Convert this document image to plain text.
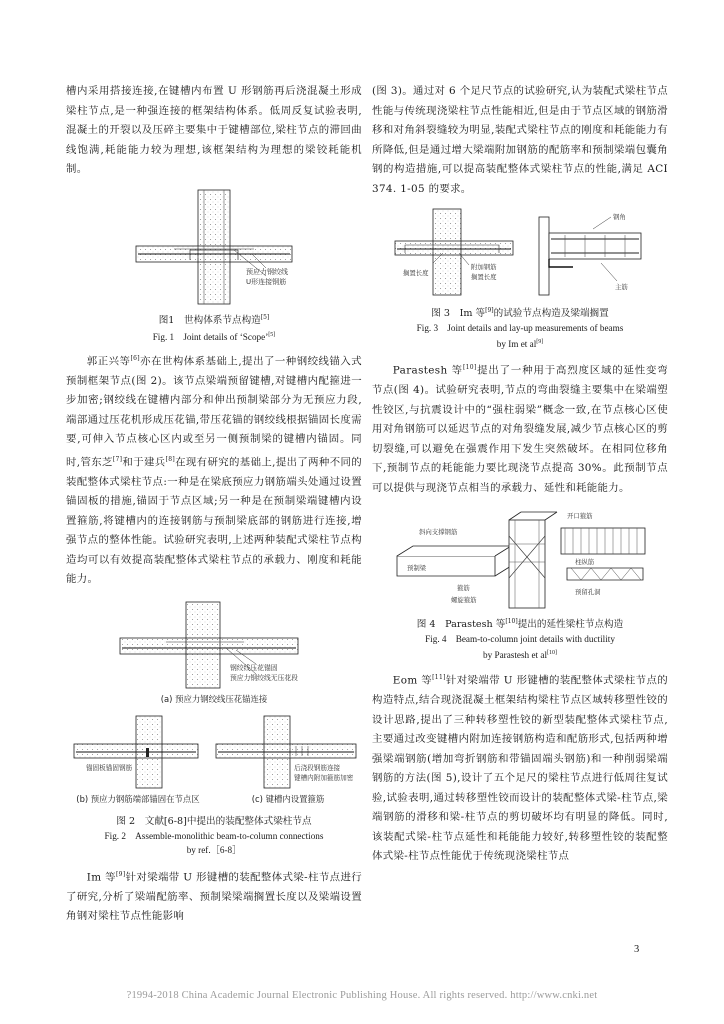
槽内采用搭接连接,在键槽内布置 U 形钢筋再后浇混凝土形成梁柱节点,是一种强连接的框架结构体系。低周反复试验表明,混凝土的开裂以及压碎主要集中于键槽部位,梁柱节点的滞回曲线饱满,耗能能力较为理想,该框架结构为理想的梁铰耗能机制。

预应力钢绞线
U形连接钢筋

图1　世构体系节点构造[5]

Fig. 1　Joint details of ‘Scope’[5]

郭正兴等[6]亦在世构体系基础上,提出了一种钢绞线锚入式预制框架节点(图 2)。该节点梁端预留键槽,对键槽内配箍进一步加密;钢绞线在键槽内部分和伸出预制梁部分为无预应力段,端部通过压花机形成压花锚,带压花锚的钢绞线根据锚固长度需要,可伸入节点核心区内或至另一侧预制梁的键槽内锚固。同时,管东芝[7]和于建兵[8]在现有研究的基础上,提出了两种不同的装配整体式梁柱节点:一种是在梁底预应力钢筋端头处通过设置锚固板的措施,锚固于节点区域;另一种是在预制梁端键槽内设置箍筋,将键槽内的连接钢筋与预制梁底部的钢筋进行连接,增强节点的整体性能。试验研究表明,上述两种装配式梁柱节点构造均可以有效提高装配整体式梁柱节点的承载力、刚度和耗能能力。

钢绞线压花锚固
预应力钢绞线无压花段
(a) 预应力钢绞线压花锚连接
锚固板锚固钢筋
(b) 预应力钢筋端部锚固在节点区
后浇段钢筋连接
键槽内附加箍筋加密
(c) 键槽内设置箍筋

图 2　文献[6-8]中提出的装配整体式梁柱节点

Fig. 2　Assemble-monolithic beam-to-column connections

by ref.［6-8］

Im 等[9]针对梁端带 U 形键槽的装配整体式梁-柱节点进行了研究,分析了梁端配筋率、预制梁梁端搁置长度以及梁端设置角钢对梁柱节点性能影响

(图 3)。通过对 6 个足尺节点的试验研究,认为装配式梁柱节点性能与传统现浇梁柱节点性能相近,但是由于节点区域的钢筋滑移和对角斜裂缝较为明显,装配式梁柱节点的刚度和耗能能力有所降低,但是通过增大梁端附加钢筋的配筋率和预制梁端包囊角钢的构造措施,可以提高装配整体式梁柱节点的性能,满足 ACI 374. 1-05 的要求。

搁置长度
附加钢筋
搁置长度
钢角
主筋

图 3　Im 等[9]的试验节点构造及梁端搁置

Fig. 3　Joint details and lay-up measurements of beams

by Im et al[9]

Parastesh 等[10]提出了一种用于高烈度区域的延性变弯节点(图 4)。试验研究表明,节点的弯曲裂缝主要集中在梁端塑性铰区,与抗震设计中的“强柱弱梁”概念一致,在节点核心区使用对角钢筋可以延迟节点的对角裂缝发展,减少节点核心区的剪切裂缝,可以避免在强震作用下发生突然破坏。在相同位移角下,预制节点的耗能能力要比现浇节点提高 30%。此预制节点可以提供与现浇节点相当的承载力、延性和耗能能力。

开口箍筋
斜向支撑钢筋
箍筋
预制梁
螺旋箍筋
预留孔洞
柱纵筋

图 4　Parastesh 等[10]提出的延性梁柱节点构造

Fig. 4　Beam-to-column joint details with ductility

by Parastesh et al[10]

Eom 等[11]针对梁端带 U 形键槽的装配整体式梁柱节点的构造特点,结合现浇混凝土框架结构梁柱节点区域转移塑性铰的设计思路,提出了三种转移塑性铰的新型装配整体式梁柱节点,主要通过改变键槽内附加连接钢筋构造和配筋形式,包括两种增强梁端钢筋(增加弯折钢筋和带锚固端头钢筋)和一种削弱梁端钢筋的方法(图 5),设计了五个足尺的梁柱节点进行低周往复试验,试验表明,通过转移塑性铰而设计的装配整体式梁-柱节点,梁端钢筋的滑移和梁-柱节点的剪切破坏均有明显的降低。同时,该装配式梁-柱节点延性和耗能能力较好,转移塑性铰的装配整体式梁-柱节点性能优于传统现浇梁柱节点

3
?1994-2018 China Academic Journal Electronic Publishing House. All rights reserved. http://www.cnki.net
